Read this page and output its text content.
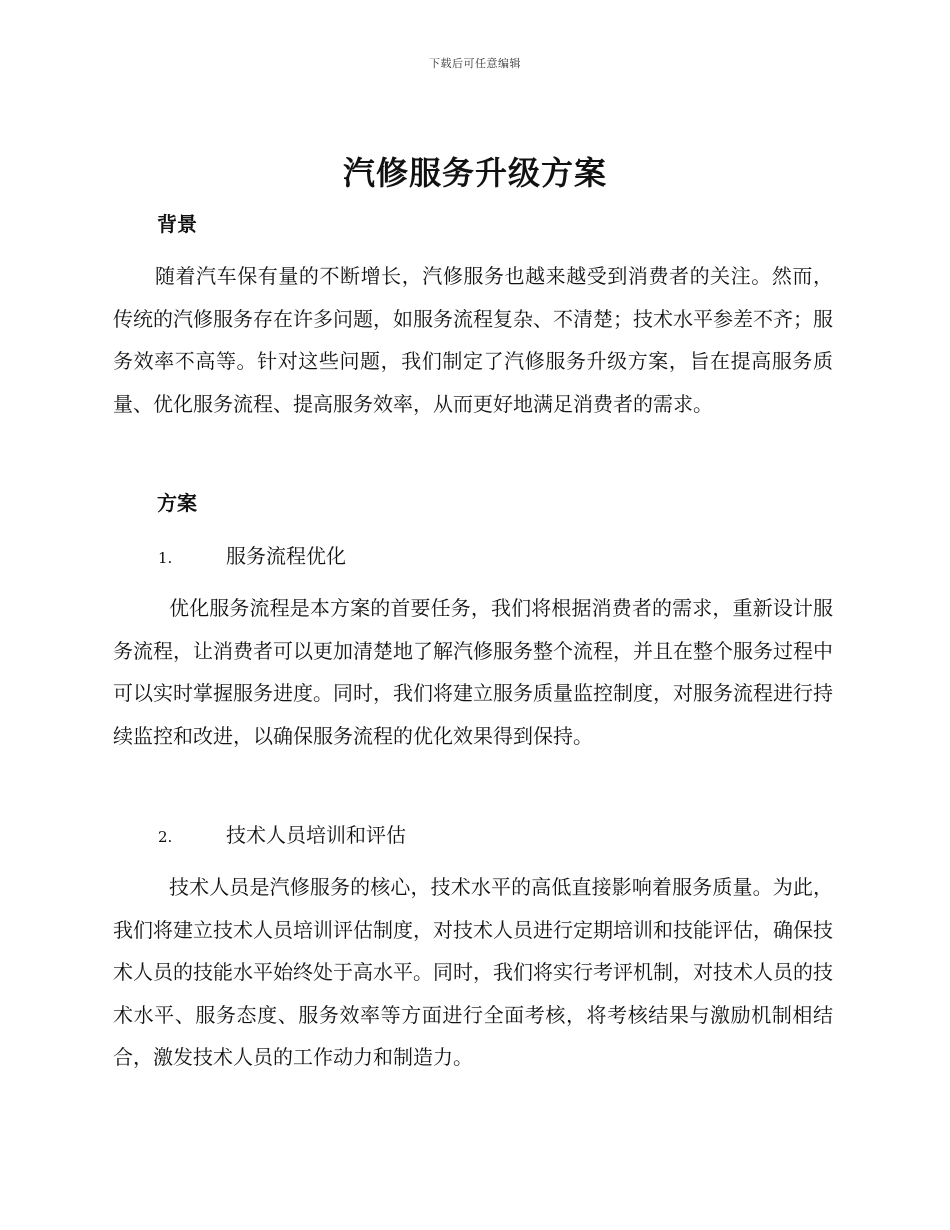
下载后可任意编辑
汽修服务升级方案
背景
随着汽车保有量的不断增长，汽修服务也越来越受到消费者的关注。然而，传统的汽修服务存在许多问题，如服务流程复杂、不清楚；技术水平参差不齐；服务效率不高等。针对这些问题，我们制定了汽修服务升级方案，旨在提高服务质量、优化服务流程、提高服务效率，从而更好地满足消费者的需求。
方案
1.	服务流程优化
优化服务流程是本方案的首要任务，我们将根据消费者的需求，重新设计服务流程，让消费者可以更加清楚地了解汽修服务整个流程，并且在整个服务过程中可以实时掌握服务进度。同时，我们将建立服务质量监控制度，对服务流程进行持续监控和改进，以确保服务流程的优化效果得到保持。
2.	技术人员培训和评估
技术人员是汽修服务的核心，技术水平的高低直接影响着服务质量。为此，我们将建立技术人员培训评估制度，对技术人员进行定期培训和技能评估，确保技术人员的技能水平始终处于高水平。同时，我们将实行考评机制，对技术人员的技术水平、服务态度、服务效率等方面进行全面考核，将考核结果与激励机制相结合，激发技术人员的工作动力和制造力。
